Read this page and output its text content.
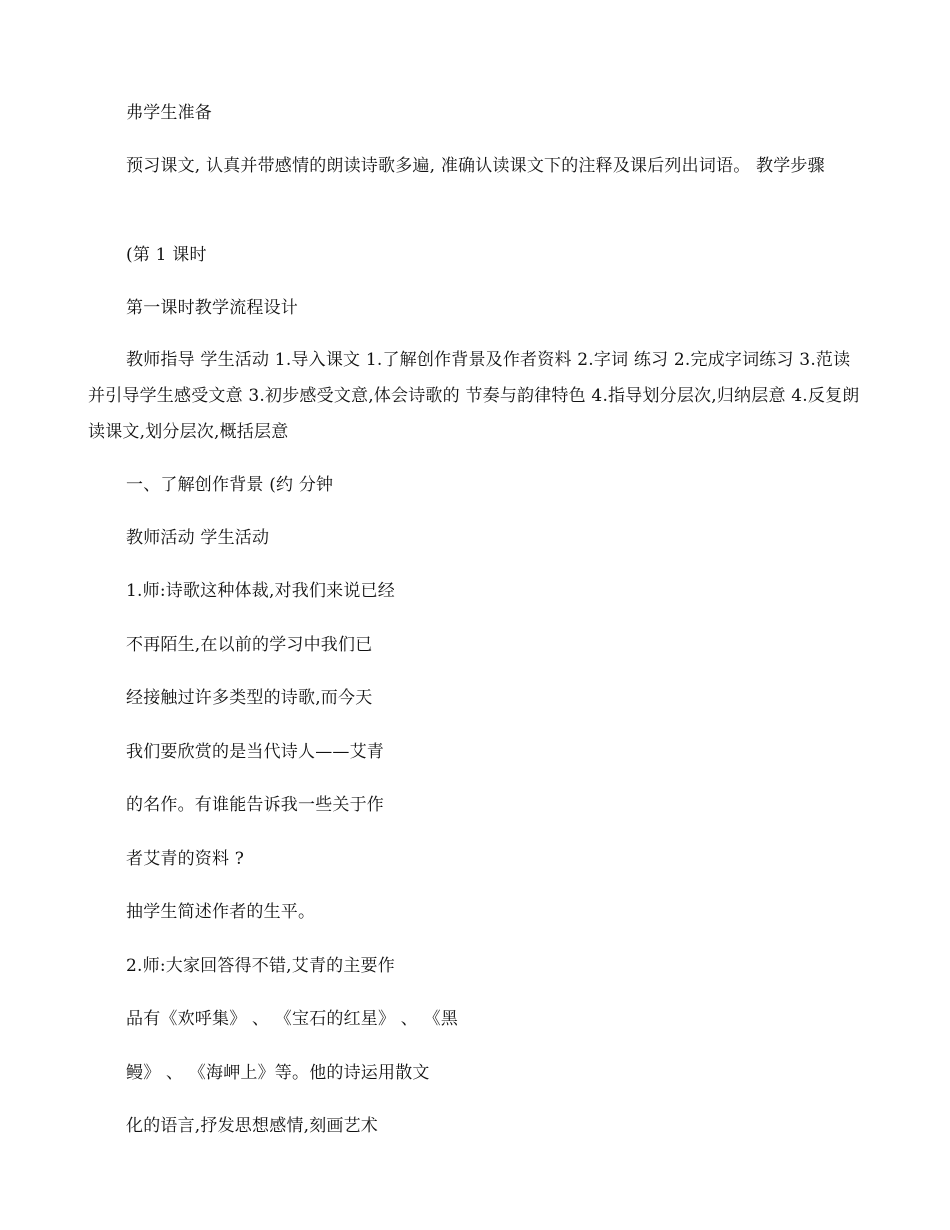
弗学生准备

预习课文, 认真并带感情的朗读诗歌多遍, 准确认读课文下的注释及课后列出词语。 教学步骤

(第 1 课时

第一课时教学流程设计

教师指导 学生活动 1.导入课文 1.了解创作背景及作者资料 2.字词 练习 2.完成字词练习 3.范读并引导学生感受文意 3.初步感受文意,体会诗歌的 节奏与韵律特色 4.指导划分层次,归纳层意 4.反复朗读课文,划分层次,概括层意

一、了解创作背景 (约 分钟

教师活动 学生活动

1.师:诗歌这种体裁,对我们来说已经

不再陌生,在以前的学习中我们已

经接触过许多类型的诗歌,而今天

我们要欣赏的是当代诗人——艾青

的名作。有谁能告诉我一些关于作

者艾青的资料 ?

抽学生简述作者的生平。

2.师:大家回答得不错,艾青的主要作

品有《欢呼集》 、 《宝石的红星》 、 《黑

鳗》 、 《海岬上》等。他的诗运用散文

化的语言,抒发思想感情,刻画艺术
